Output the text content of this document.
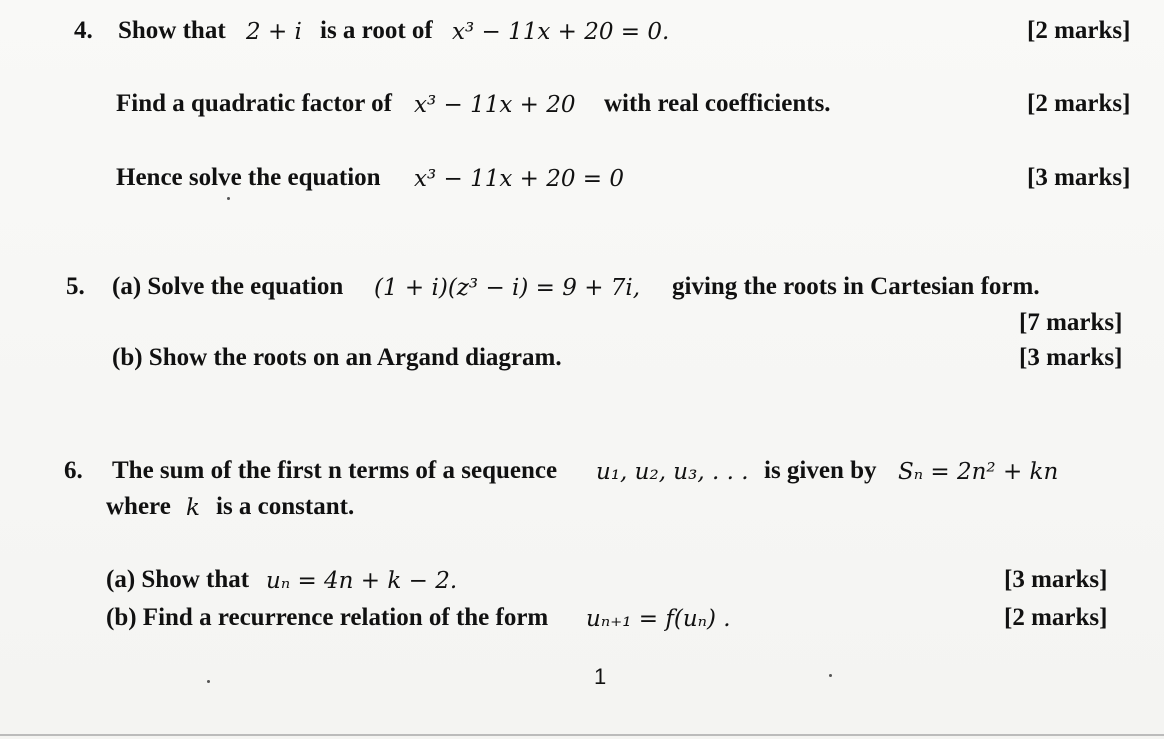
4. Show that 2 + i is a root of x³ − 11x + 20 = 0.	[2 marks]
Find a quadratic factor of x³ − 11x + 20 with real coefficients.	[2 marks]
Hence solve the equation x³ − 11x + 20 = 0	[3 marks]
5. (a) Solve the equation (1 + i)(z³ − i) = 9 + 7i, giving the roots in Cartesian form.
[7 marks]
(b) Show the roots on an Argand diagram.	[3 marks]
6. The sum of the first n terms of a sequence u₁, u₂, u₃, . . . is given by Sₙ = 2n² + kn
where k is a constant.
(a) Show that uₙ = 4n + k − 2.	[3 marks]
(b) Find a recurrence relation of the form uₙ₊₁ = f(uₙ) .	[2 marks]
1
